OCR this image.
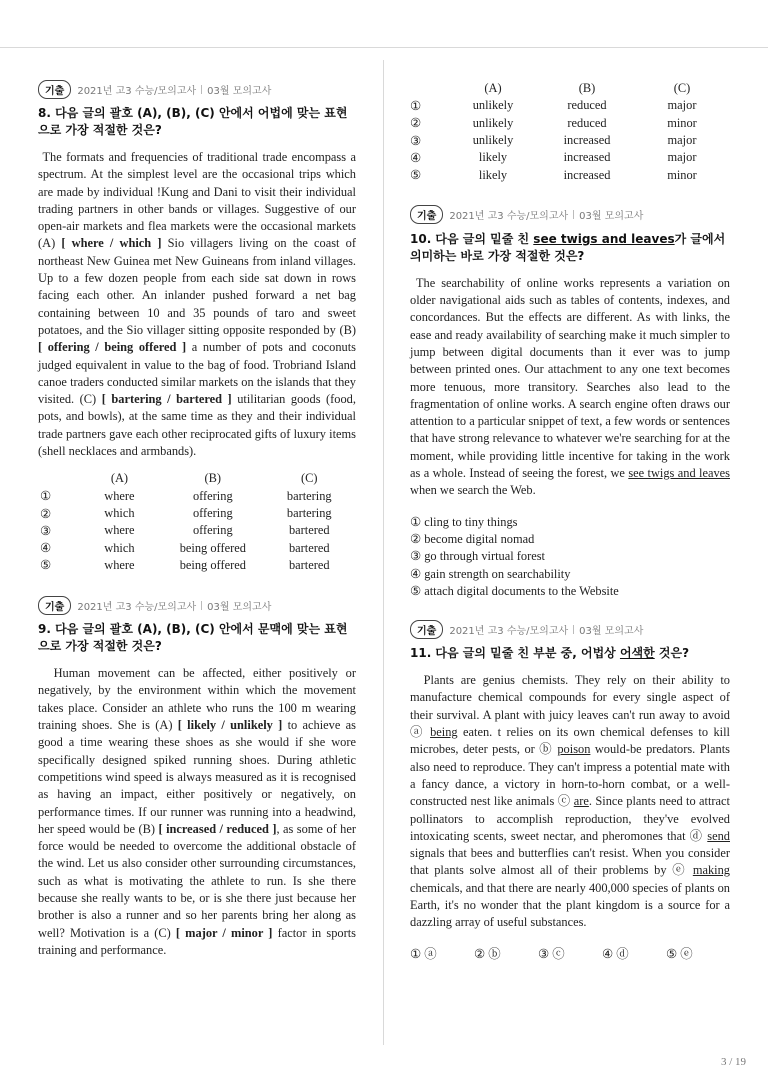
기출	2021년 고3 수능/모의고사 03월 모의고사
8. 다음 글의 괄호 (A), (B), (C) 안에서 어법에 맞는 표현으로 가장 적절한 것은?
The formats and frequencies of traditional trade encompass a spectrum. At the simplest level are the occasional trips which are made by individual !Kung and Dani to visit their individual trading partners in other bands or villages. Suggestive of our open-air markets and flea markets were the occasional markets (A) [ where / which ] Sio villagers living on the coast of northeast New Guinea met New Guineans from inland villages. Up to a few dozen people from each side sat down in rows facing each other. An inlander pushed forward a net bag containing between 10 and 35 pounds of taro and sweet potatoes, and the Sio villager sitting opposite responded by (B) [ offering / being offered ] a number of pots and coconuts judged equivalent in value to the bag of food. Trobriand Island canoe traders conducted similar markets on the islands that they visited. (C) [ bartering / bartered ] utilitarian goods (food, pots, and bowls), at the same time as they and their individual trade partners gave each other reciprocated gifts of luxury items (shell necklaces and armbands).
	(A)	(B)	(C)
①	where	offering	bartering
②	which	offering	bartering
③	where	offering	bartered
④	which	being offered	bartered
⑤	where	being offered	bartered
기출	2021년 고3 수능/모의고사 03월 모의고사
9. 다음 글의 괄호 (A), (B), (C) 안에서 문맥에 맞는 표현으로 가장 적절한 것은?
Human movement can be affected, either positively or negatively, by the environment within which the movement takes place. Consider an athlete who runs the 100 m wearing training shoes. She is (A) [ likely / unlikely ] to achieve as good a time wearing these shoes as she would if she wore specifically designed spiked running shoes. During athletic competitions wind speed is always measured as it is recognised as having an impact, either positively or negatively, on performance times. If our runner was running into a headwind, her speed would be (B) [ increased / reduced ], as some of her force would be needed to overcome the additional obstacle of the wind. Let us also consider other surrounding circumstances, such as what is motivating the athlete to run. Is she there because she really wants to be, or is she there just because her brother is also a runner and so her parents bring her along as well? Motivation is a (C) [ major / minor ] factor in sports training and performance.
	(A)	(B)	(C)
①	unlikely	reduced	major
②	unlikely	reduced	minor
③	unlikely	increased	major
④	likely	increased	major
⑤	likely	increased	minor
기출	2021년 고3 수능/모의고사 03월 모의고사
10. 다음 글의 밑줄 친 see twigs and leaves가 글에서 의미하는 바로 가장 적절한 것은?
The searchability of online works represents a variation on older navigational aids such as tables of contents, indexes, and concordances. But the effects are different. As with links, the ease and ready availability of searching make it much simpler to jump between digital documents than it ever was to jump between printed ones. Our attachment to any one text becomes more tenuous, more transitory. Searches also lead to the fragmentation of online works. A search engine often draws our attention to a particular snippet of text, a few words or sentences that have strong relevance to whatever we're searching for at the moment, while providing little incentive for taking in the work as a whole. Instead of seeing the forest, we see twigs and leaves when we search the Web.
① cling to tiny things
② become digital nomad
③ go through virtual forest
④ gain strength on searchability
⑤ attach digital documents to the Website
기출	2021년 고3 수능/모의고사 03월 모의고사
11. 다음 글의 밑줄 친 부분 중, 어법상 어색한 것은?
Plants are genius chemists. They rely on their ability to manufacture chemical compounds for every single aspect of their survival. A plant with juicy leaves can't run away to avoid ⓐ being eaten. t relies on its own chemical defenses to kill microbes, deter pests, or ⓑ poison would-be predators. Plants also need to reproduce. They can't impress a potential mate with a fancy dance, a victory in horn-to-horn combat, or a well-constructed nest like animals ⓒ are. Since plants need to attract pollinators to accomplish reproduction, they've evolved intoxicating scents, sweet nectar, and pheromones that ⓓ send signals that bees and butterflies can't resist. When you consider that plants solve almost all of their problems by ⓔ making chemicals, and that there are nearly 400,000 species of plants on Earth, it's no wonder that the plant kingdom is a source for a dazzling array of useful substances.
① ⓐ	② ⓑ	③ ⓒ	④ ⓓ	⑤ ⓔ
3 / 19
